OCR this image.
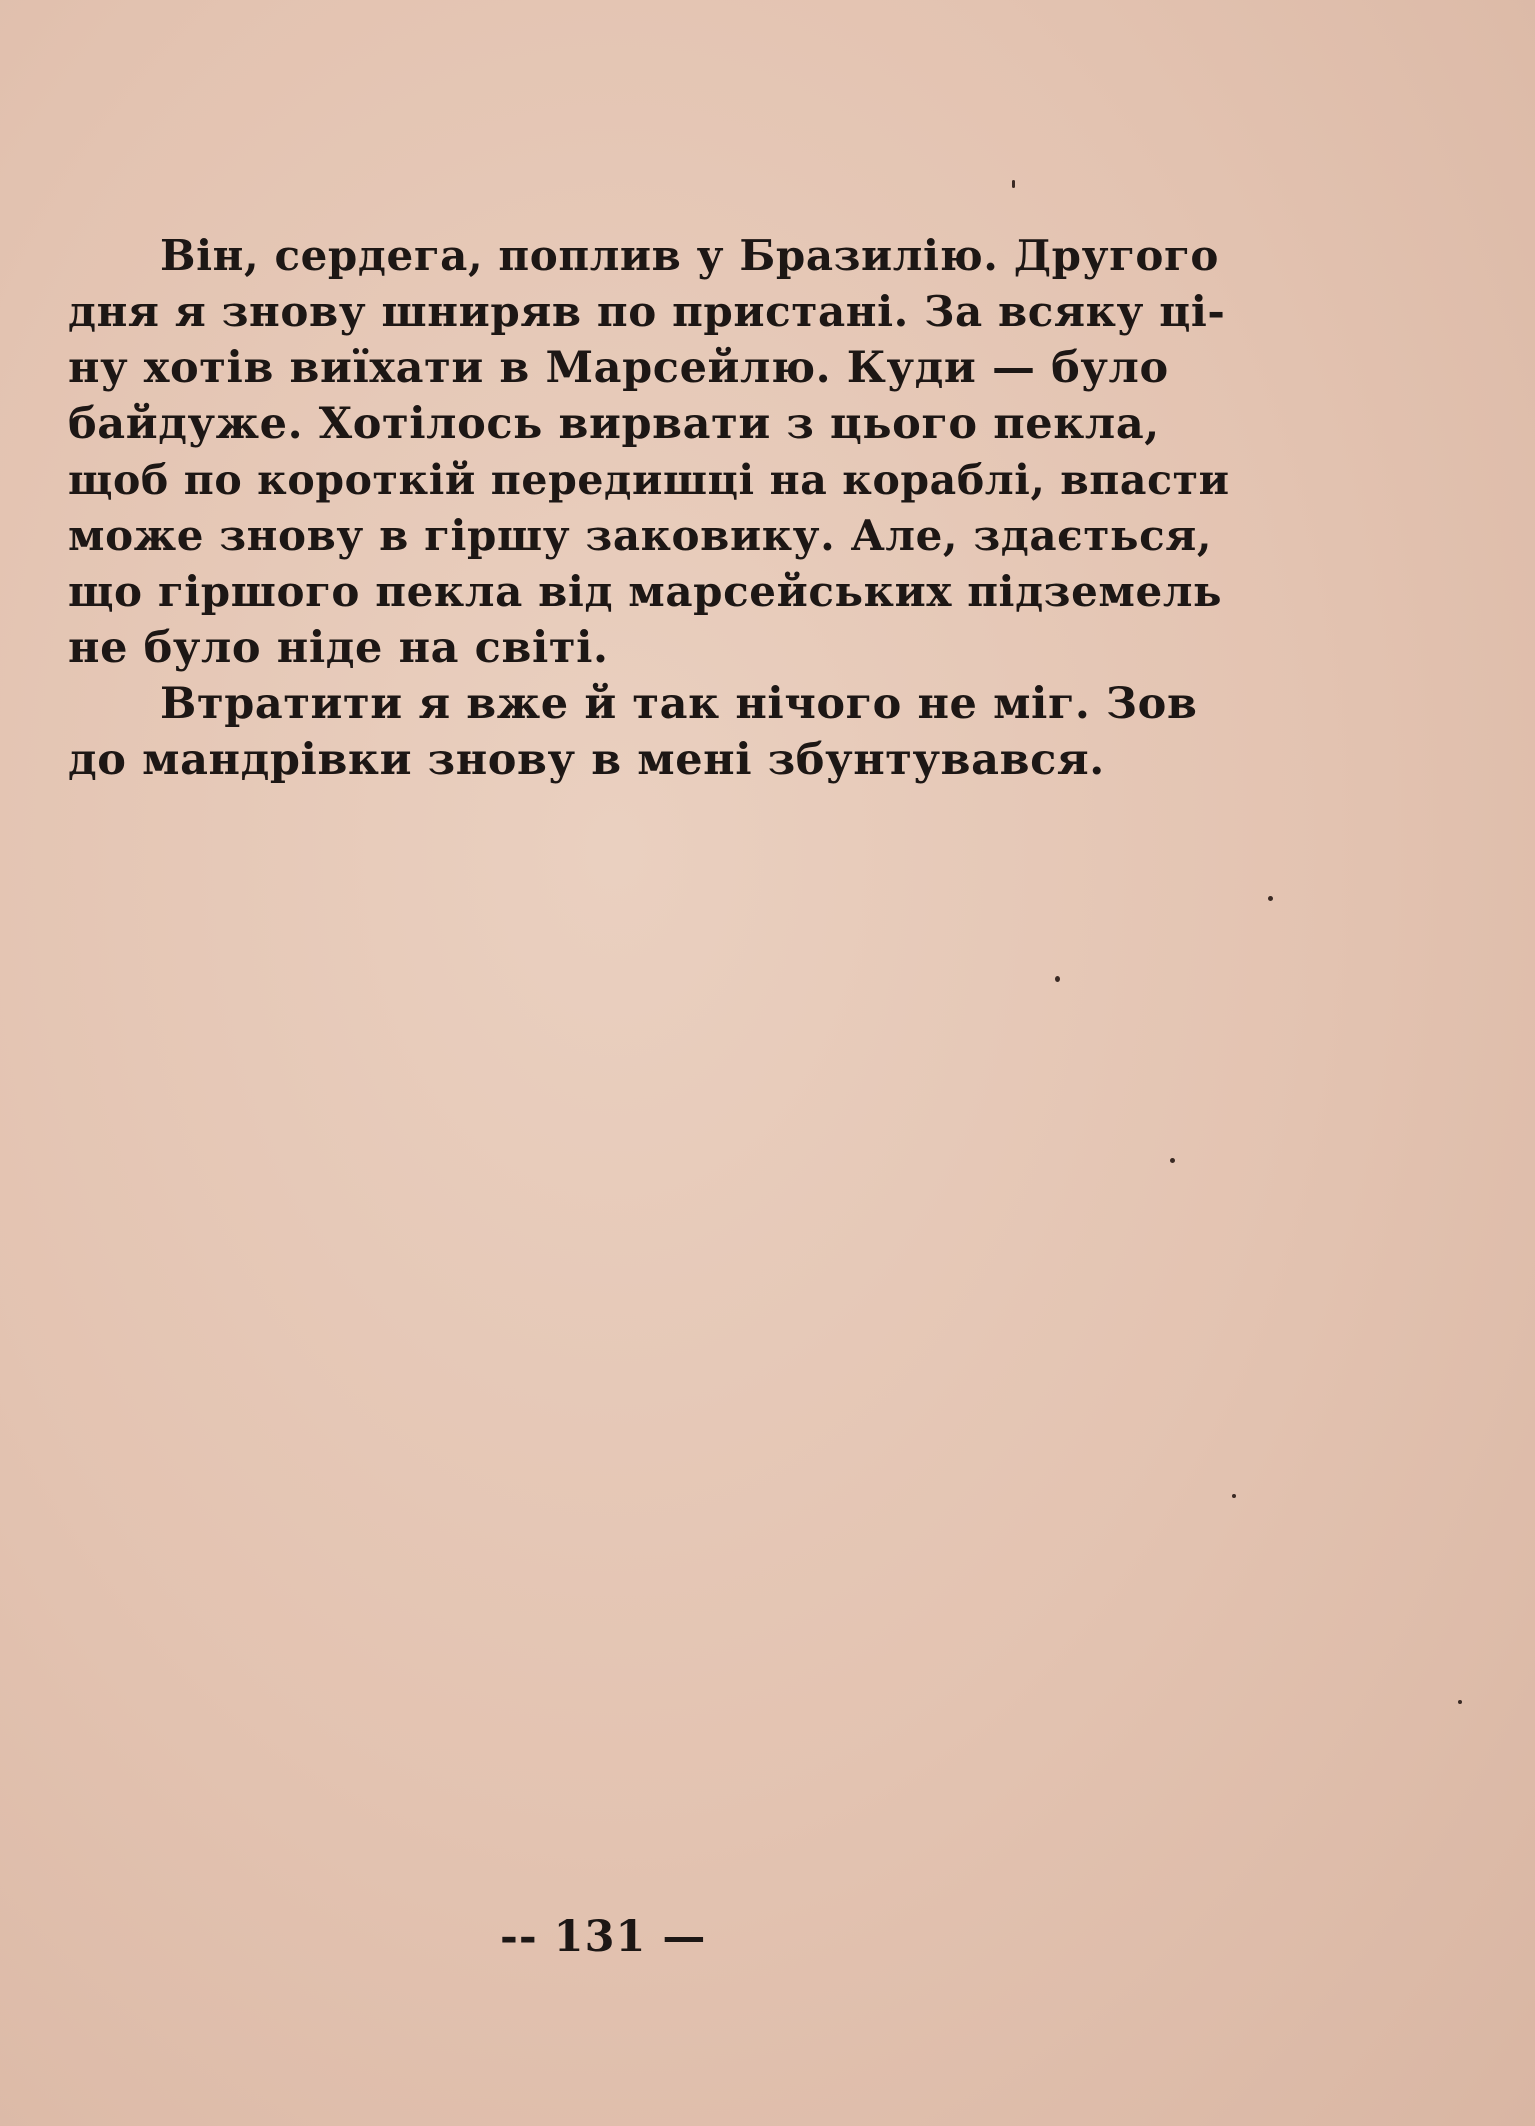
Він, сердега, поплив у Бразилію. Другого
дня я знову шниряв по пристані. За всяку ці-
ну хотів виїхати в Марсейлю. Куди — було
байдуже. Хотілось вирвати з цього пекла,
щоб по короткій передишці на кораблі, впасти
може знову в гіршу заковику. Але, здається,
що гіршого пекла від марсейських підземель
не було ніде на світі.
Втратити я вже й так нічого не міг. Зов
до мандрівки знову в мені збунтувався.
-- 131 —
